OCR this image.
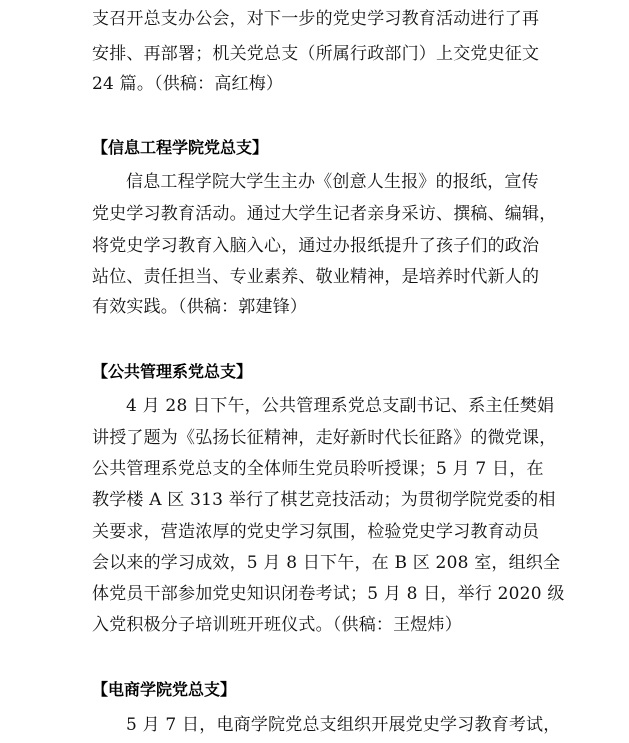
支召开总支办公会，对下一步的党史学习教育活动进行了再
安排、再部署；机关党总支（所属行政部门）上交党史征文
24 篇。（供稿：高红梅）
【信息工程学院党总支】
信息工程学院大学生主办《创意人生报》的报纸，宣传
党史学习教育活动。通过大学生记者亲身采访、撰稿、编辑，
将党史学习教育入脑入心，通过办报纸提升了孩子们的政治
站位、责任担当、专业素养、敬业精神，是培养时代新人的
有效实践。（供稿：郭建锋）
【公共管理系党总支】
4 月 28 日下午，公共管理系党总支副书记、系主任樊娟
讲授了题为《弘扬长征精神，走好新时代长征路》的微党课，
公共管理系党总支的全体师生党员聆听授课；5 月 7 日，在
教学楼 A 区 313 举行了棋艺竞技活动；为贯彻学院党委的相
关要求，营造浓厚的党史学习氛围，检验党史学习教育动员
会以来的学习成效，5 月 8 日下午，在 B 区 208 室，组织全
体党员干部参加党史知识闭卷考试；5 月 8 日，举行 2020 级
入党积极分子培训班开班仪式。（供稿：王煜炜）
【电商学院党总支】
5 月 7 日，电商学院党总支组织开展党史学习教育考试，
